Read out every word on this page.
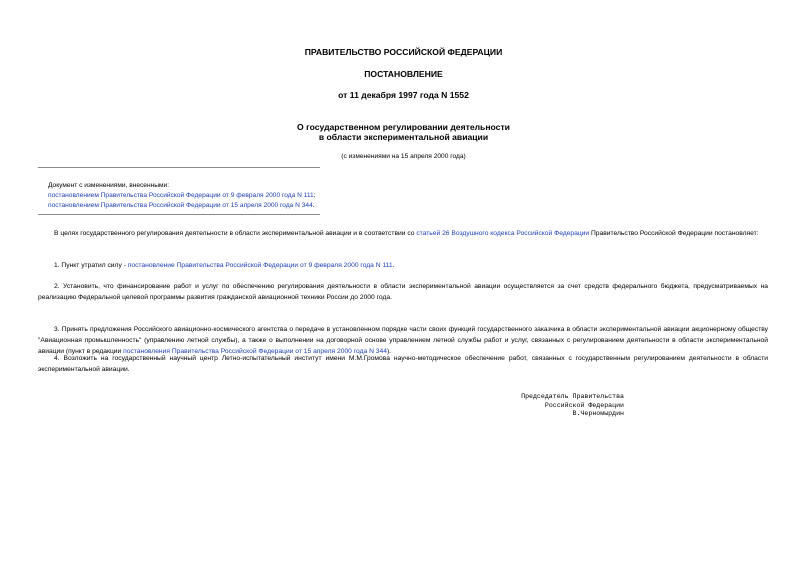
ПРАВИТЕЛЬСТВО РОССИЙСКОЙ ФЕДЕРАЦИИ
ПОСТАНОВЛЕНИЕ
от 11 декабря 1997 года N 1552
О государственном регулировании деятельности
в области экспериментальной авиации
(с изменениями на 15 апреля 2000 года)
Документ с изменениями, внесенными:
постановлением Правительства Российской Федерации от 9 февраля 2000 года N 111;
постановлением Правительства Российской Федерации от 15 апреля 2000 года N 344.
В целях государственного регулирования деятельности в области экспериментальной авиации и в соответствии со статьей 26 Воздушного кодекса Российской Федерации Правительство Российской Федерации постановляет:
1. Пункт утратил силу - постановление Правительства Российской Федерации от 9 февраля 2000 года N 111.
2. Установить, что финансирование работ и услуг по обеспечению регулирования деятельности в области экспериментальной авиации осуществляется за счет средств федерального бюджета, предусматриваемых на реализацию Федеральной целевой программы развития гражданской авиационной техники России до 2000 года.
3. Принять предложения Российского авиационно-космического агентства о передаче в установленном порядке части своих функций государственного заказчика в области экспериментальной авиации акционерному обществу "Авиационная промышленность" (управлению летной службы), а также о выполнении на договорной основе управлением летной службы работ и услуг, связанных с регулированием деятельности в области экспериментальной авиации (пункт в редакции постановления Правительства Российской Федерации от 15 апреля 2000 года N 344).
4. Возложить на государственный научный центр Летно-испытательный институт имени М.М.Громова научно-методическое обеспечение работ, связанных с государственным регулированием деятельности в области экспериментальной авиации.
Председатель Правительства
Российской Федерации
В.Черномырдин
